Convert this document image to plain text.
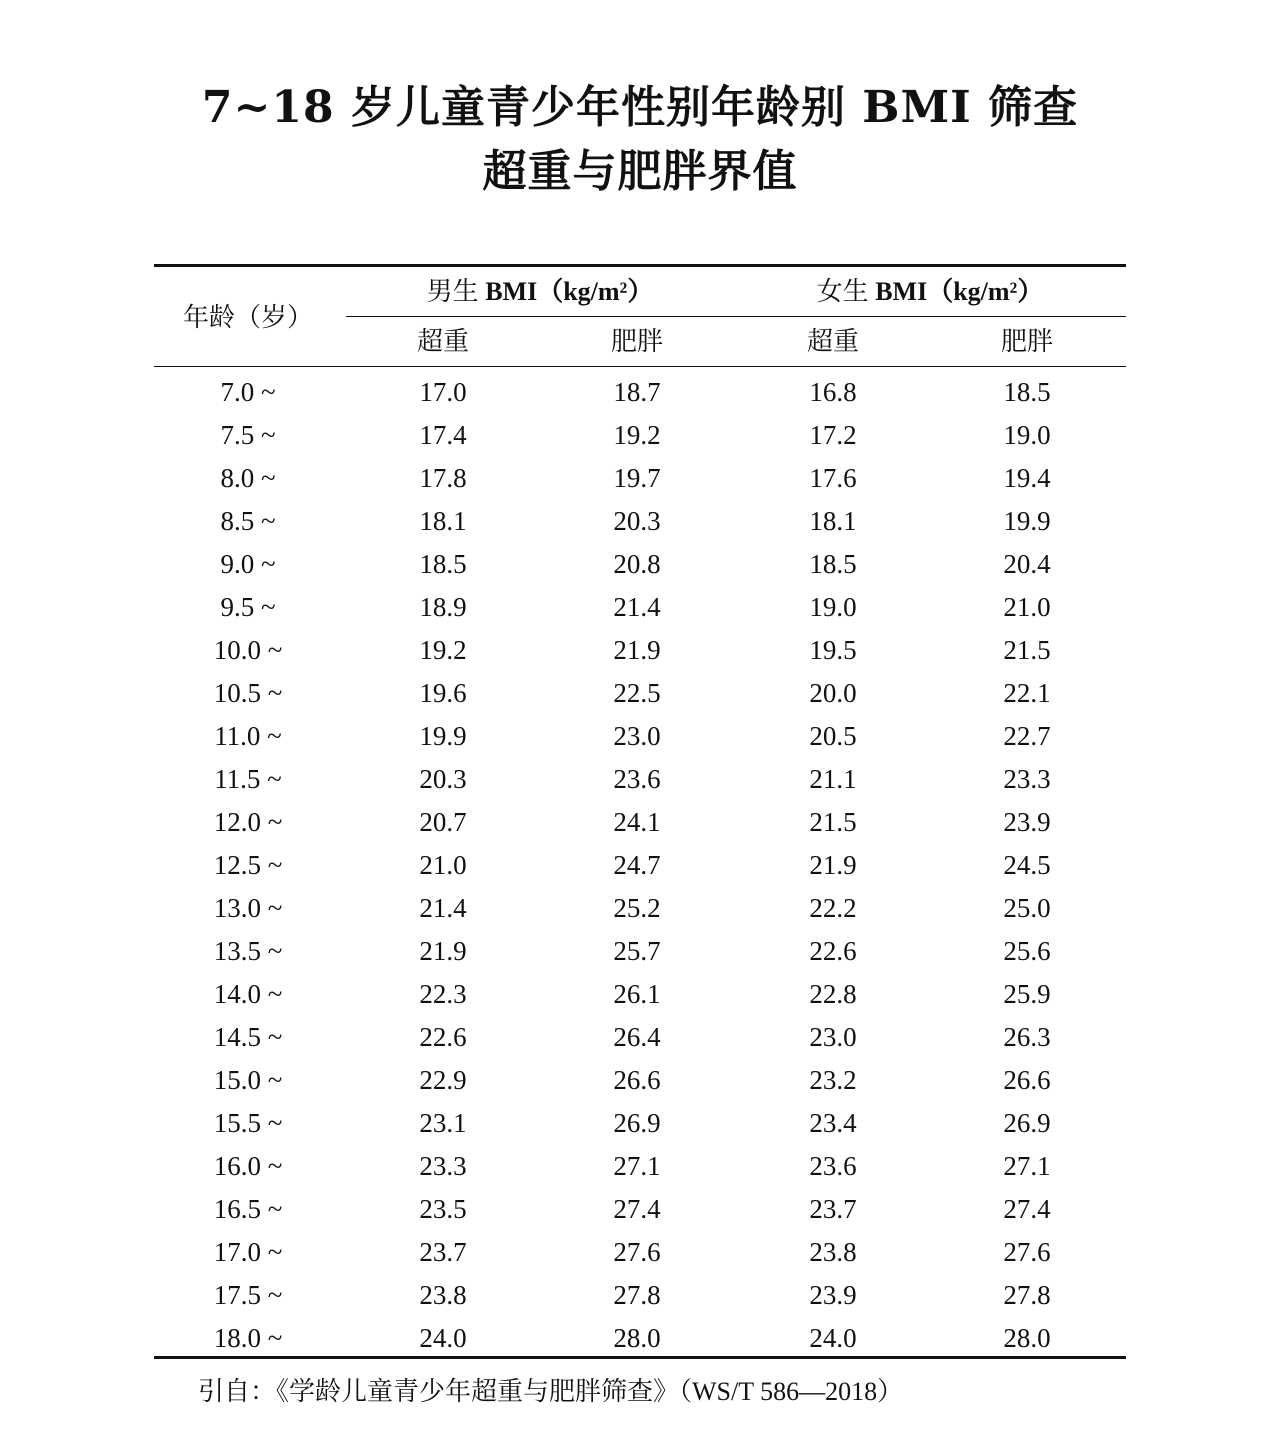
7~18 岁儿童青少年性别年龄别 BMI 筛查
超重与肥胖界值
年龄（岁）
男生 BMI（kg/m²）	女生 BMI（kg/m²）
超重	肥胖	超重	肥胖
7.0 ~	17.0	18.7	16.8	18.5
7.5 ~	17.4	19.2	17.2	19.0
8.0 ~	17.8	19.7	17.6	19.4
8.5 ~	18.1	20.3	18.1	19.9
9.0 ~	18.5	20.8	18.5	20.4
9.5 ~	18.9	21.4	19.0	21.0
10.0 ~	19.2	21.9	19.5	21.5
10.5 ~	19.6	22.5	20.0	22.1
11.0 ~	19.9	23.0	20.5	22.7
11.5 ~	20.3	23.6	21.1	23.3
12.0 ~	20.7	24.1	21.5	23.9
12.5 ~	21.0	24.7	21.9	24.5
13.0 ~	21.4	25.2	22.2	25.0
13.5 ~	21.9	25.7	22.6	25.6
14.0 ~	22.3	26.1	22.8	25.9
14.5 ~	22.6	26.4	23.0	26.3
15.0 ~	22.9	26.6	23.2	26.6
15.5 ~	23.1	26.9	23.4	26.9
16.0 ~	23.3	27.1	23.6	27.1
16.5 ~	23.5	27.4	23.7	27.4
17.0 ~	23.7	27.6	23.8	27.6
17.5 ~	23.8	27.8	23.9	27.8
18.0 ~	24.0	28.0	24.0	28.0
引自：《学龄儿童青少年超重与肥胖筛查》（WS/T 586—2018）
